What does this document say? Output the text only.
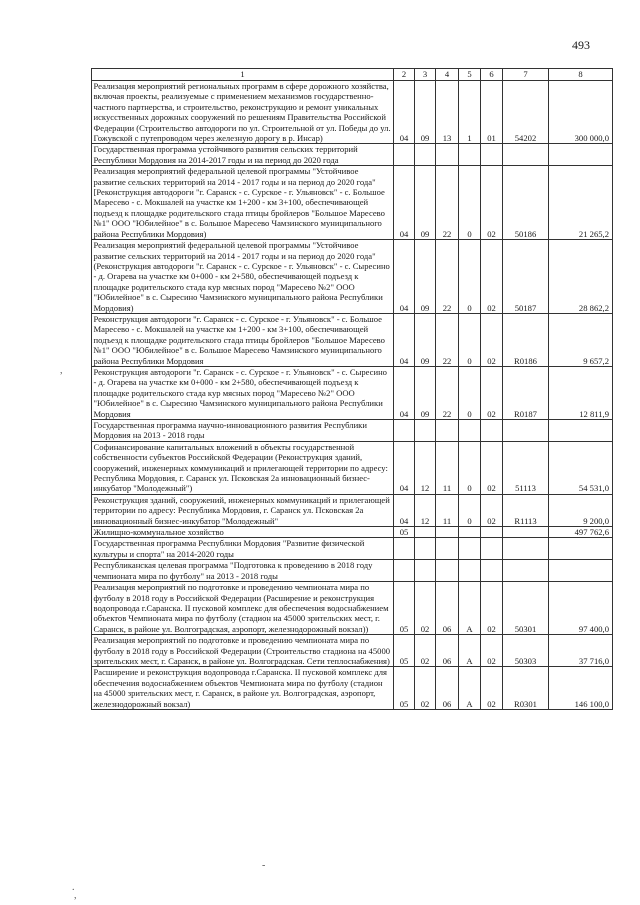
493
,
-
.
,
1	2	3	4	5	6	7	8
Реализация мероприятий региональных программ в сфере дорожного хозяйства, включая проекты, реализуемые с применением механизмов государственно-частного партнерства, и строительство, реконструкцию и ремонт уникальных искусственных дорожных сооружений по решениям Правительства Российской Федерации (Строительство автодороги по ул. Строительной от ул. Победы до ул. Гожувской с путепроводом через железную дорогу в р. Инсар)	04	09	13	1	01	54202	300 000,0
Государственная программа устойчивого развития сельских территорий Республики Мордовия на 2014-2017 годы и на период до 2020 года							
Реализация мероприятий федеральной целевой программы "Устойчивое развитие сельских территорий на 2014 - 2017 годы и на период до 2020 года" [Реконструкция автодороги "г. Саранск - с. Сурское - г. Ульяновск" - с. Большое Маресево - с. Мокшалей на участке км 1+200 - км 3+100, обеспечивающей подъезд к площадке родительского стада птицы бройлеров "Большое Маресево №1" ООО "Юбилейное" в с. Большое Маресево Чамзинского муниципального района Республики Мордовия)	04	09	22	0	02	50186	21 265,2
Реализация мероприятий федеральной целевой программы "Устойчивое развитие сельских территорий на 2014 - 2017 годы и на период до 2020 года" (Реконструкция автодороги "г. Саранск - с. Сурское - г. Ульяновск" - с. Сыресино - д. Огарева на участке км 0+000 - км 2+580, обеспечивающей подъезд к площадке родительского стада кур мясных пород "Маресево №2" ООО "Юбилейное" в с. Сыресино Чамзинского муниципального района Республики Мордовия)	04	09	22	0	02	50187	28 862,2
Реконструкция автодороги "г. Саранск - с. Сурское - г. Ульяновск" - с. Большое Маресево - с. Мокшалей на участке км 1+200 - км 3+100, обеспечивающей подъезд к площадке родительского стада птицы бройлеров "Большое Маресево №1" ООО "Юбилейное" в с. Большое Маресево Чамзинского муниципального района Республики Мордовия	04	09	22	0	02	R0186	9 657,2
Реконструкция автодороги "г. Саранск - с. Сурское - г. Ульяновск" - с. Сыресино - д. Огарева на участке км 0+000 - км 2+580, обеспечивающей подъезд к площадке родительского стада кур мясных пород "Маресево №2" ООО "Юбилейное" в с. Сыресино Чамзинского муниципального района Республики Мордовия	04	09	22	0	02	R0187	12 811,9
Государственная программа научно-инновационного развития Республики Мордовия на 2013 - 2018 годы							
Софинансирование капитальных вложений в объекты государственной собственности субъектов Российской Федерации (Реконструкция зданий, сооружений, инженерных коммуникаций и прилегающей территории по адресу: Республика Мордовия, г. Саранск ул. Псковская 2а инновационный бизнес-инкубатор "Молодежный")	04	12	11	0	02	51113	54 531,0
Реконструкция зданий, сооружений, инженерных коммуникаций и прилегающей территории по адресу: Республика Мордовия, г. Саранск ул. Псковская 2а инновационный бизнес-инкубатор "Молодежный"	04	12	11	0	02	R1113	9 200,0
Жилищно-коммунальное хозяйство	05						497 762,6
Государственная программа Республики Мордовия "Развитие физической культуры и спорта" на 2014-2020 годы							
Республиканская целевая программа "Подготовка к проведению в 2018 году чемпионата мира по футболу" на 2013 - 2018 годы							
Реализация мероприятий по подготовке и проведению чемпионата мира по футболу в 2018 году в Российской Федерации (Расширение и реконструкция водопровода г.Саранска. II пусковой комплекс для обеспечения водоснабжением объектов Чемпионата мира по футболу (стадион на 45000 зрительских мест, г. Саранск, в районе ул. Волгоградская, аэропорт, железнодорожный вокзал))	05	02	06	А	02	50301	97 400,0
Реализация мероприятий по подготовке и проведению чемпионата мира по футболу в 2018 году в Российской Федерации (Строительство стадиона на 45000 зрительских мест, г. Саранск, в районе ул. Волгоградская. Сети теплоснабжения)	05	02	06	А	02	50303	37 716,0
Расширение и реконструкция водопровода г.Саранска. II пусковой комплекс для обеспечения водоснабжением объектов Чемпионата мира по футболу (стадион на 45000 зрительских мест, г. Саранск, в районе ул. Волгоградская, аэропорт, железнодорожный вокзал)	05	02	06	А	02	R0301	146 100,0
